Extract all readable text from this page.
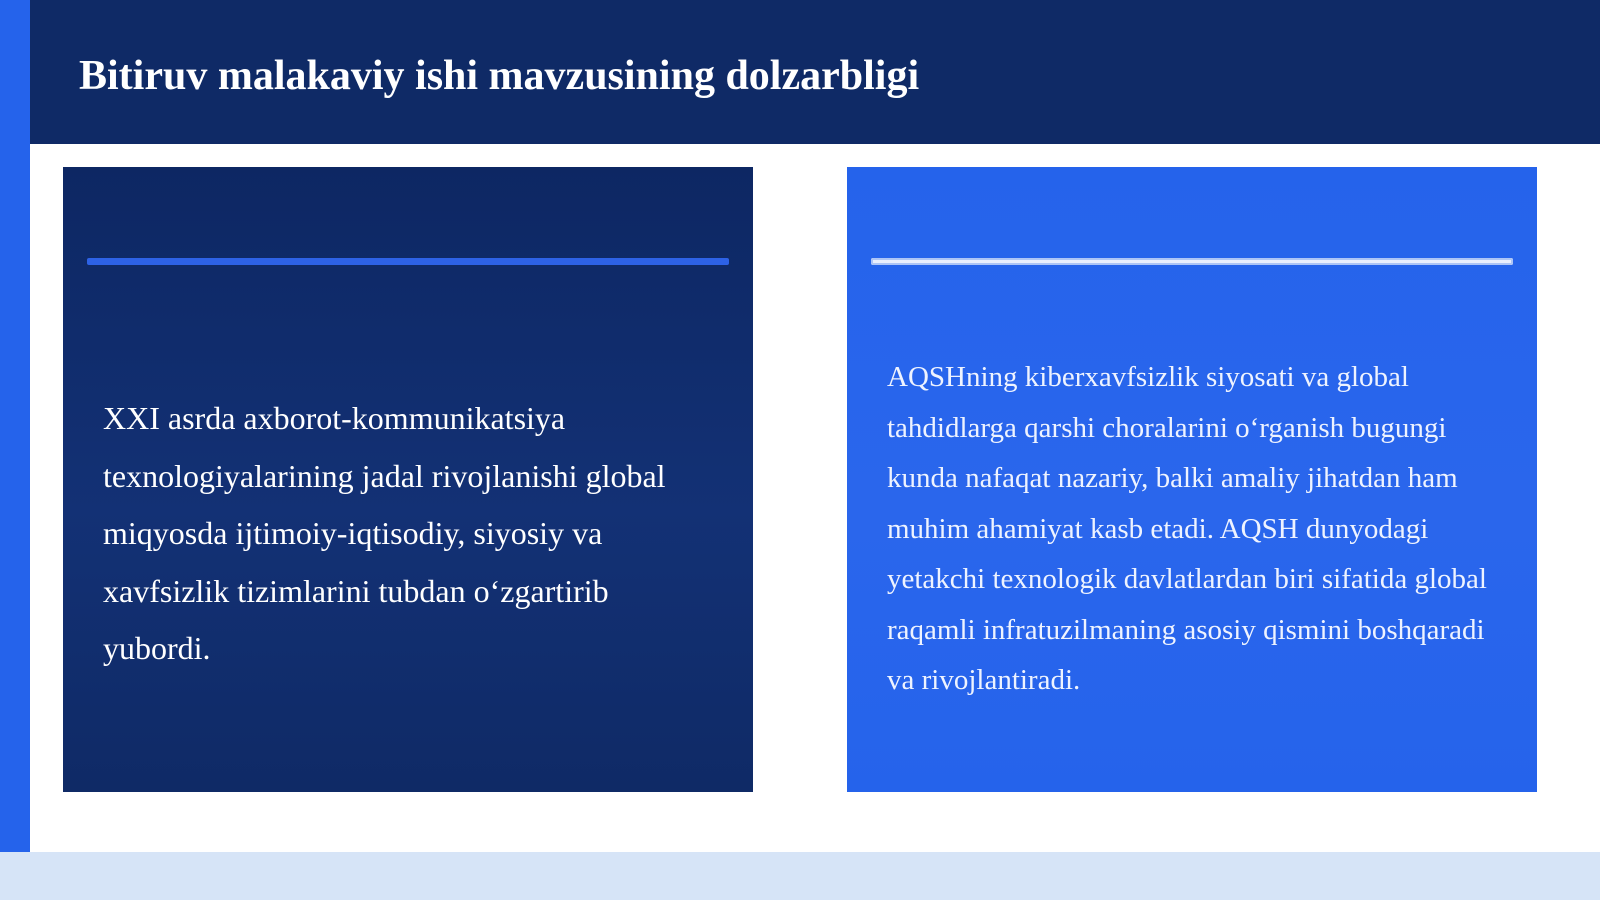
Bitiruv malakaviy ishi mavzusining dolzarbligi

XXI asrda axborot-kommunikatsiya texnologiyalarining jadal rivojlanishi global miqyosda ijtimoiy-iqtisodiy, siyosiy va xavfsizlik tizimlarini tubdan o‘zgartirib yubordi.

AQSHning kiberxavfsizlik siyosati va global tahdidlarga qarshi choralarini o‘rganish bugungi kunda nafaqat nazariy, balki amaliy jihatdan ham muhim ahamiyat kasb etadi. AQSH dunyodagi yetakchi texnologik davlatlardan biri sifatida global raqamli infratuzilmaning asosiy qismini boshqaradi va rivojlantiradi.
